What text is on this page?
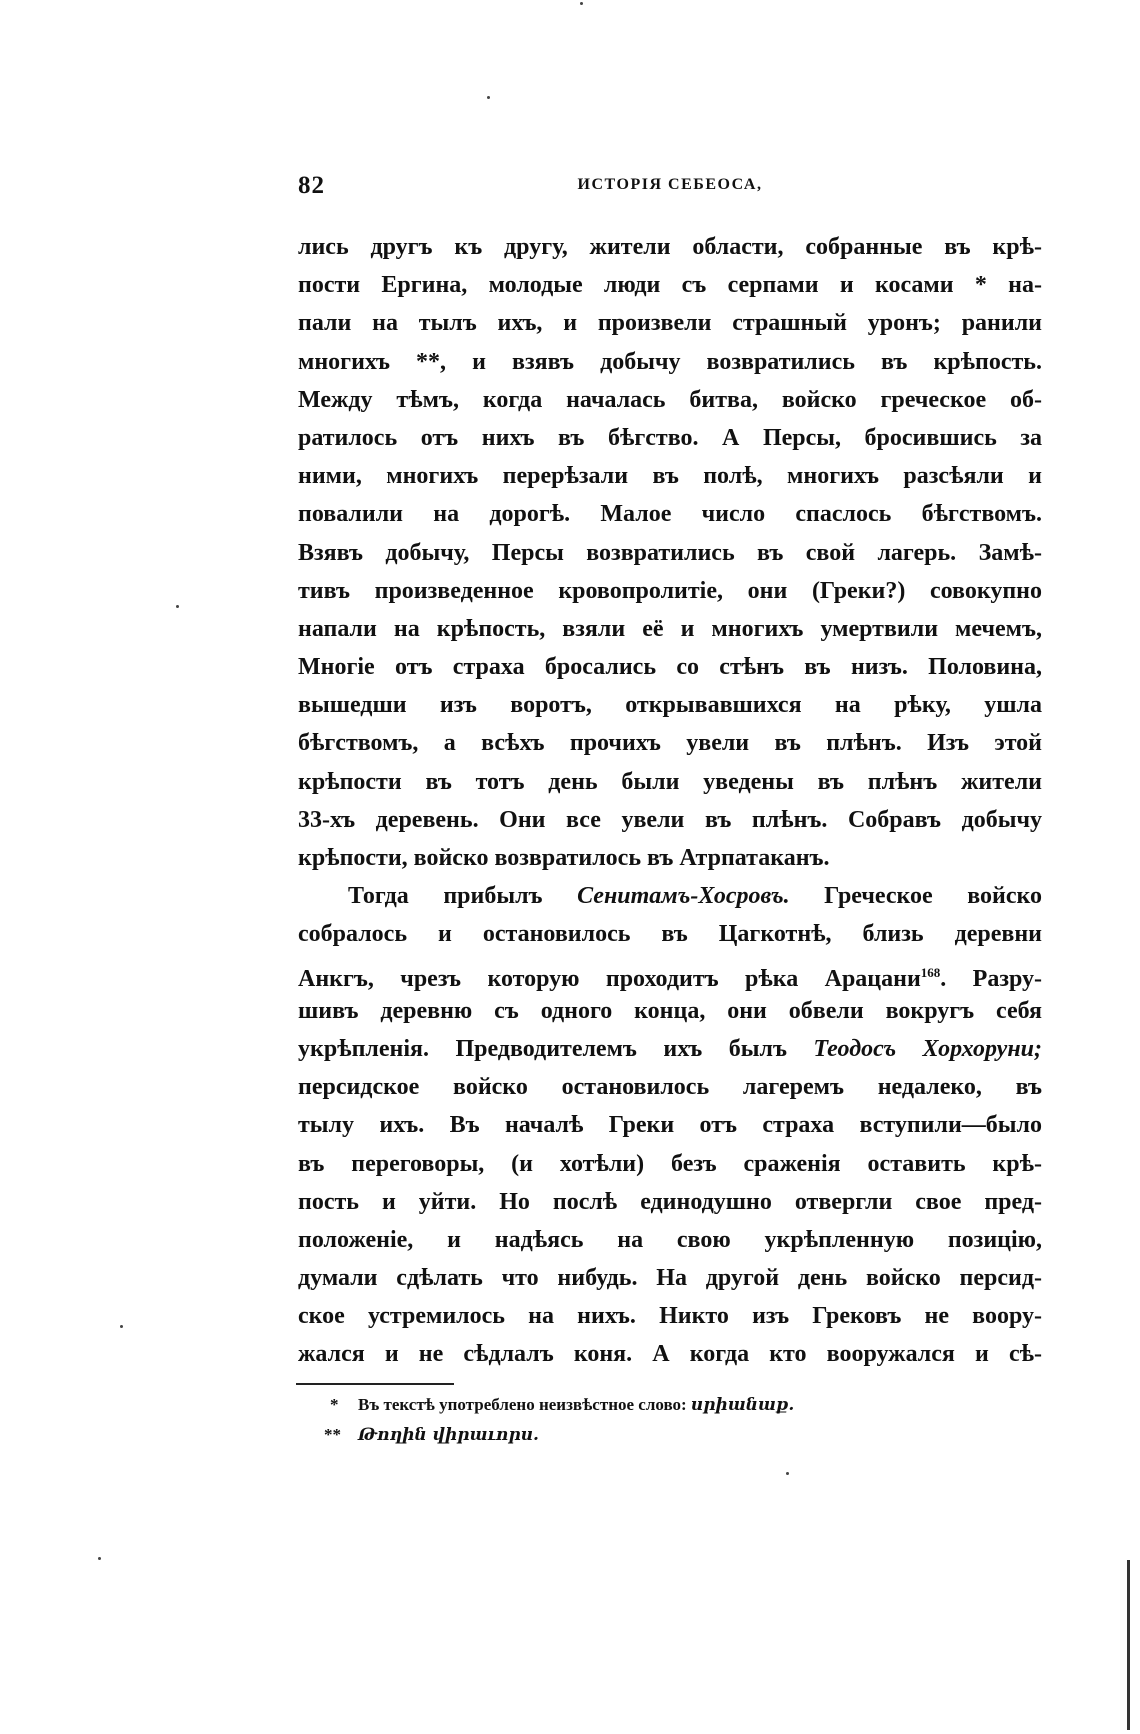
82	ИСТОРІЯ СЕБЕОСА,
лись другъ къ другу, жители области, собранные въ крѣ-
пости Ергина, молодые люди съ серпами и косами * на-
пали на тылъ ихъ, и произвели страшный уронъ; ранили
многихъ **, и взявъ добычу возвратились въ крѣпость.
Между тѣмъ, когда началась битва, войско греческое об-
ратилось отъ нихъ въ бѣгство. А Персы, бросившись за
ними, многихъ перерѣзали въ полѣ, многихъ разсѣяли и
повалили на дорогѣ. Малое число спаслось бѣгствомъ.
Взявъ добычу, Персы возвратились въ свой лагерь. Замѣ-
тивъ произведенное кровопролитіе, они (Греки?) совокупно
напали на крѣпость, взяли её и многихъ умертвили мечемъ,
Многіе отъ страха бросались со стѣнъ въ низъ. Половина,
вышедши изъ воротъ, открывавшихся на рѣку, ушла
бѣгствомъ, а всѣхъ прочихъ увели въ плѣнъ. Изъ этой
крѣпости въ тотъ день были уведены въ плѣнъ жители
33-хъ деревень. Они все увели въ плѣнъ. Собравъ добычу
крѣпости, войско возвратилось въ Атрпатаканъ.
Тогда прибылъ Сенитамъ-Хосровъ. Греческое войско
собралось и остановилось въ Цагкотнѣ, близь деревни
Анкгъ, чрезъ которую проходитъ рѣка Арацани$^{168}$. Разру-
шивъ деревню съ одного конца, они обвели вокругъ себя
укрѣпленія. Предводителемъ ихъ былъ Теодосъ Хорхоруни;
персидское войско остановилось лагеремъ недалеко, въ
тылу ихъ. Въ началѣ Греки отъ страха вступили—было
въ переговоры, (и хотѣли) безъ сраженія оставить крѣ-
пость и уйти. Но послѣ единодушно отвергли свое пред-
положеніе, и надѣясь на свою укрѣпленную позицію,
думали сдѣлать что нибудь. На другой день войско персид-
ское устремилось на нихъ. Никто изъ Грековъ не воору-
жался и не сѣдлалъ коня. А когда кто вооружался и сѣ-
* Въ текстѣ употреблено неизвѣстное слово: սրիանաք.
** Թողին վիրաւորս.
